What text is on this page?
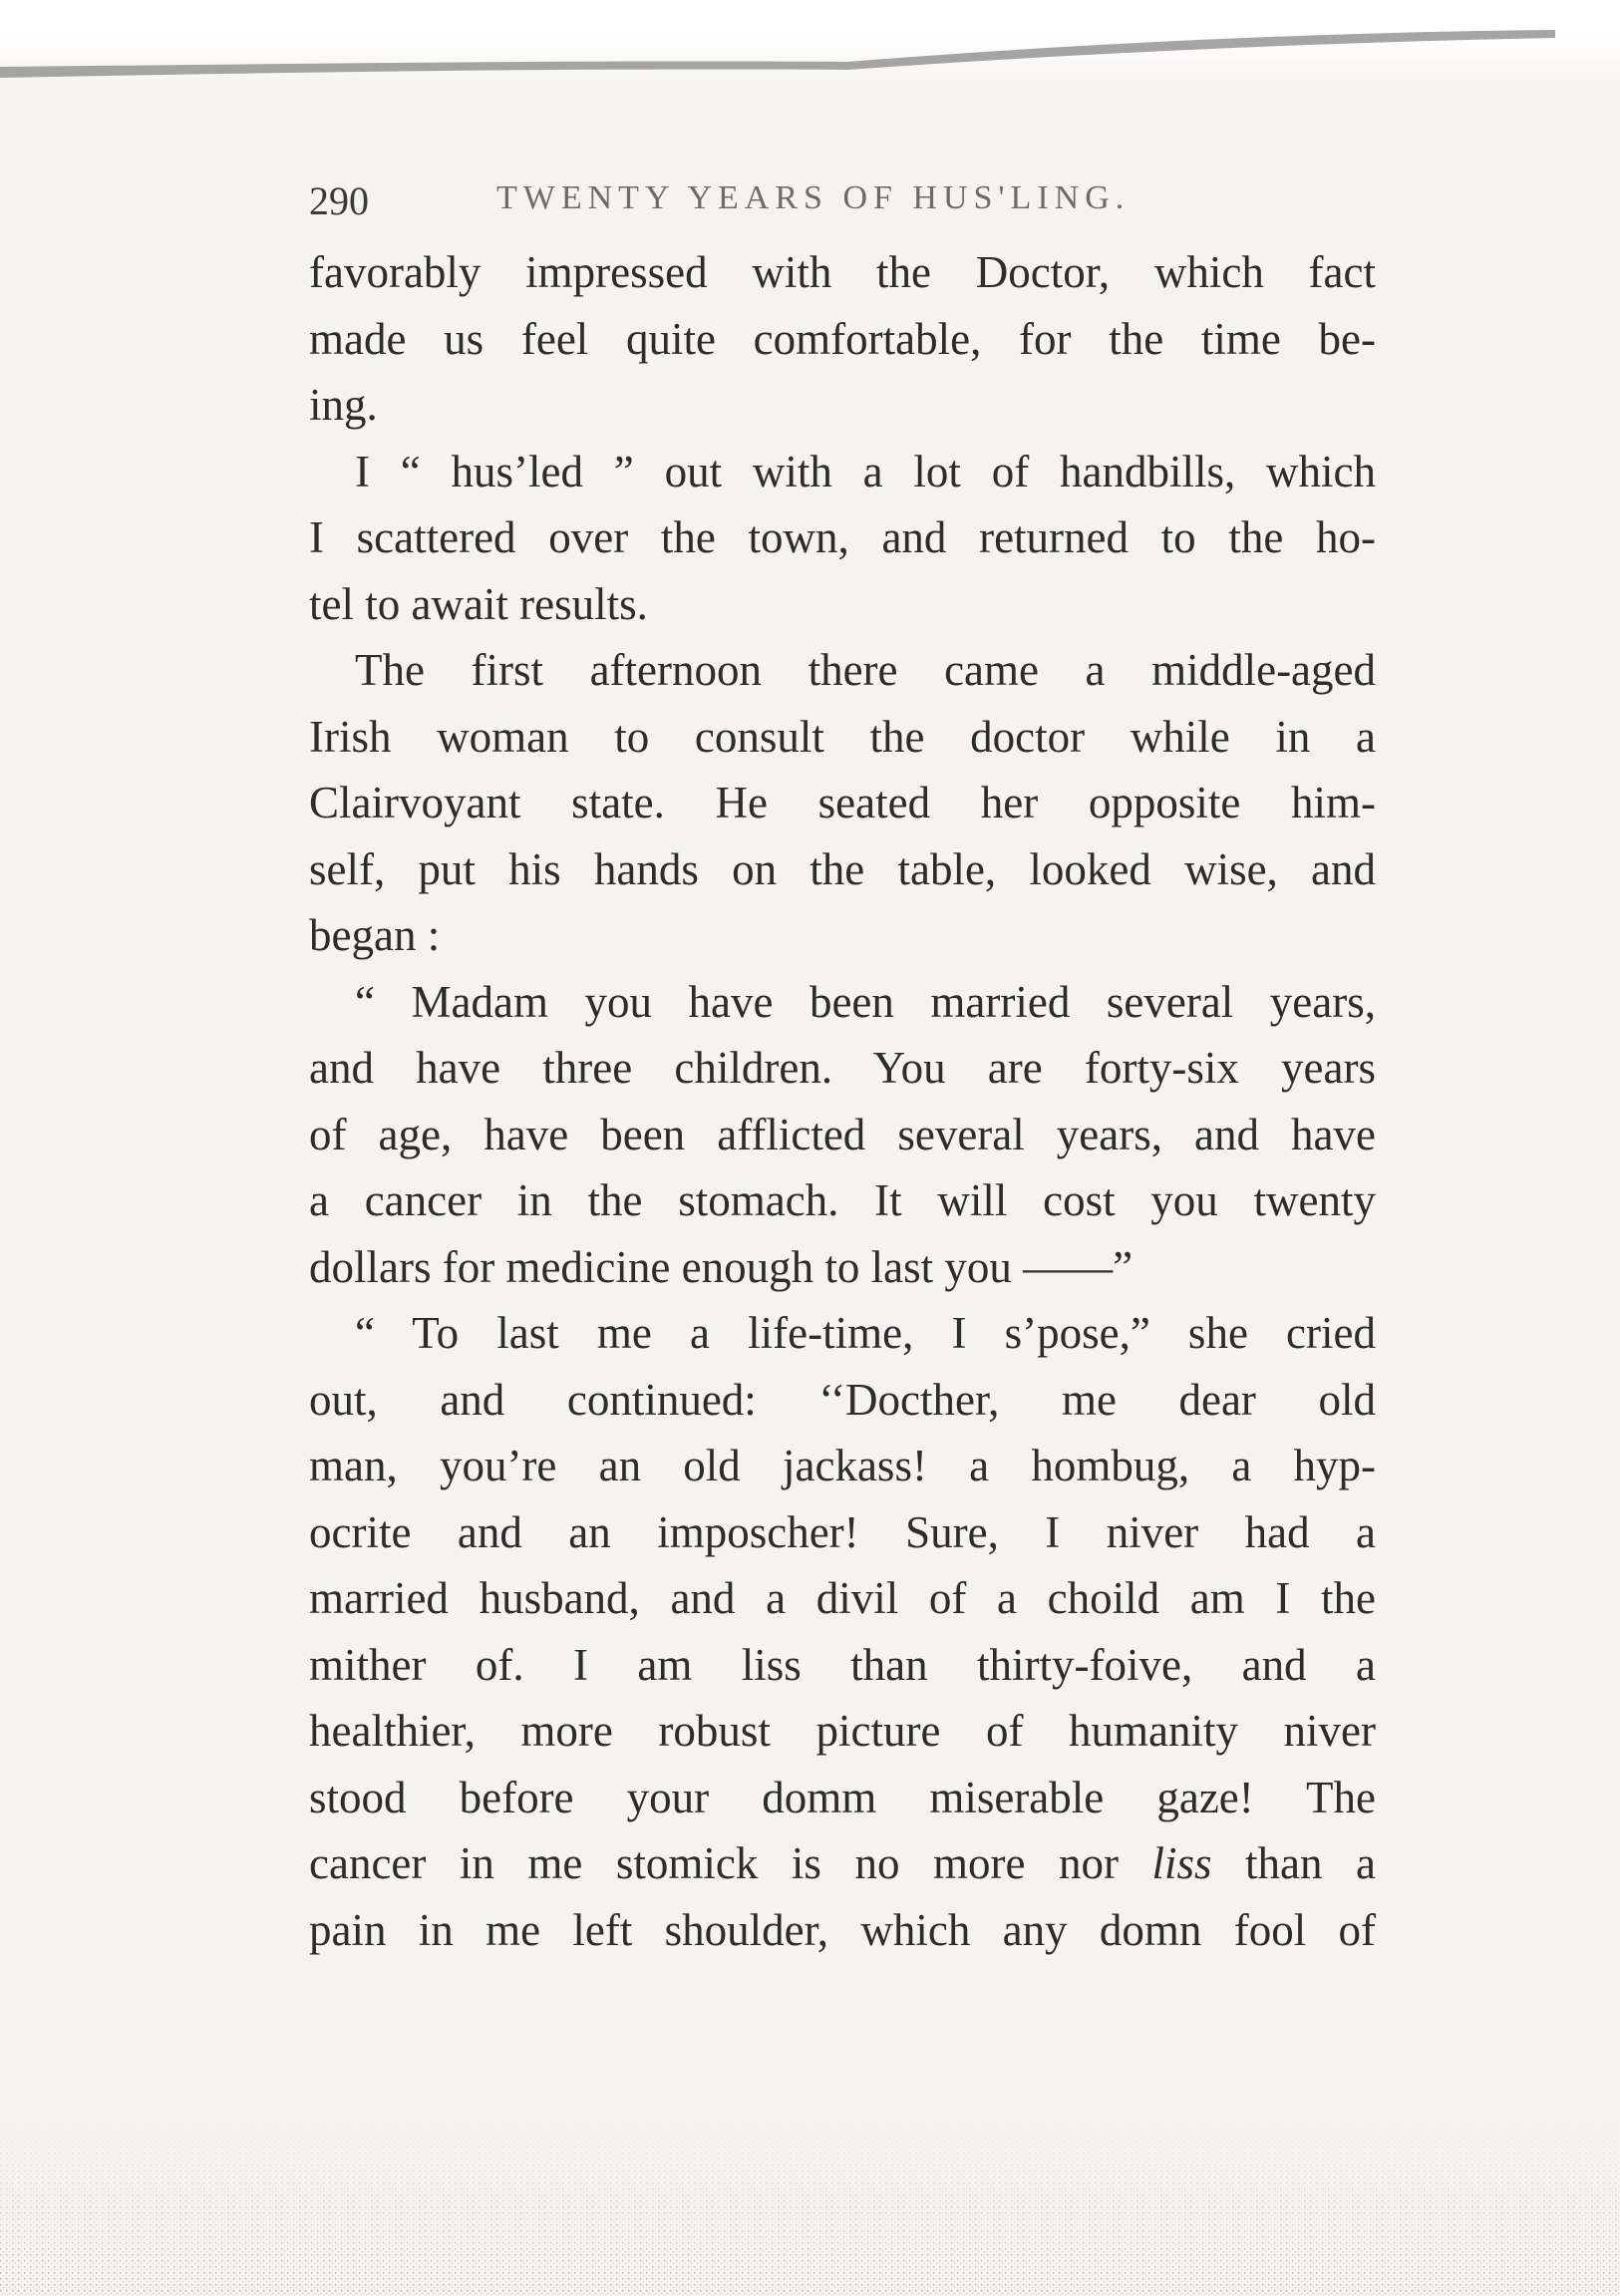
290	TWENTY YEARS OF HUS'LING.
favorably impressed with the Doctor, which fact
made us feel quite comfortable, for the time be-
ing.
I “ hus’led ” out with a lot of handbills, which
I scattered over the town, and returned to the ho-
tel to await results.
The first afternoon there came a middle-aged
Irish woman to consult the doctor while in a
Clairvoyant state. He seated her opposite him-
self, put his hands on the table, looked wise, and
began :
“ Madam you have been married several years,
and have three children. You are forty-six years
of age, have been afflicted several years, and have
a cancer in the stomach. It will cost you twenty
dollars for medicine enough to last you ——”
“ To last me a life-time, I s’pose,” she cried
out, and continued: ‘‘Docther, me dear old
man, you’re an old jackass! a hombug, a hyp-
ocrite and an imposcher! Sure, I niver had a
married husband, and a divil of a choild am I the
mither of. I am liss than thirty-foive, and a
healthier, more robust picture of humanity niver
stood before your domm miserable gaze! The
cancer in me stomick is no more nor liss than a
pain in me left shoulder, which any domn fool of
